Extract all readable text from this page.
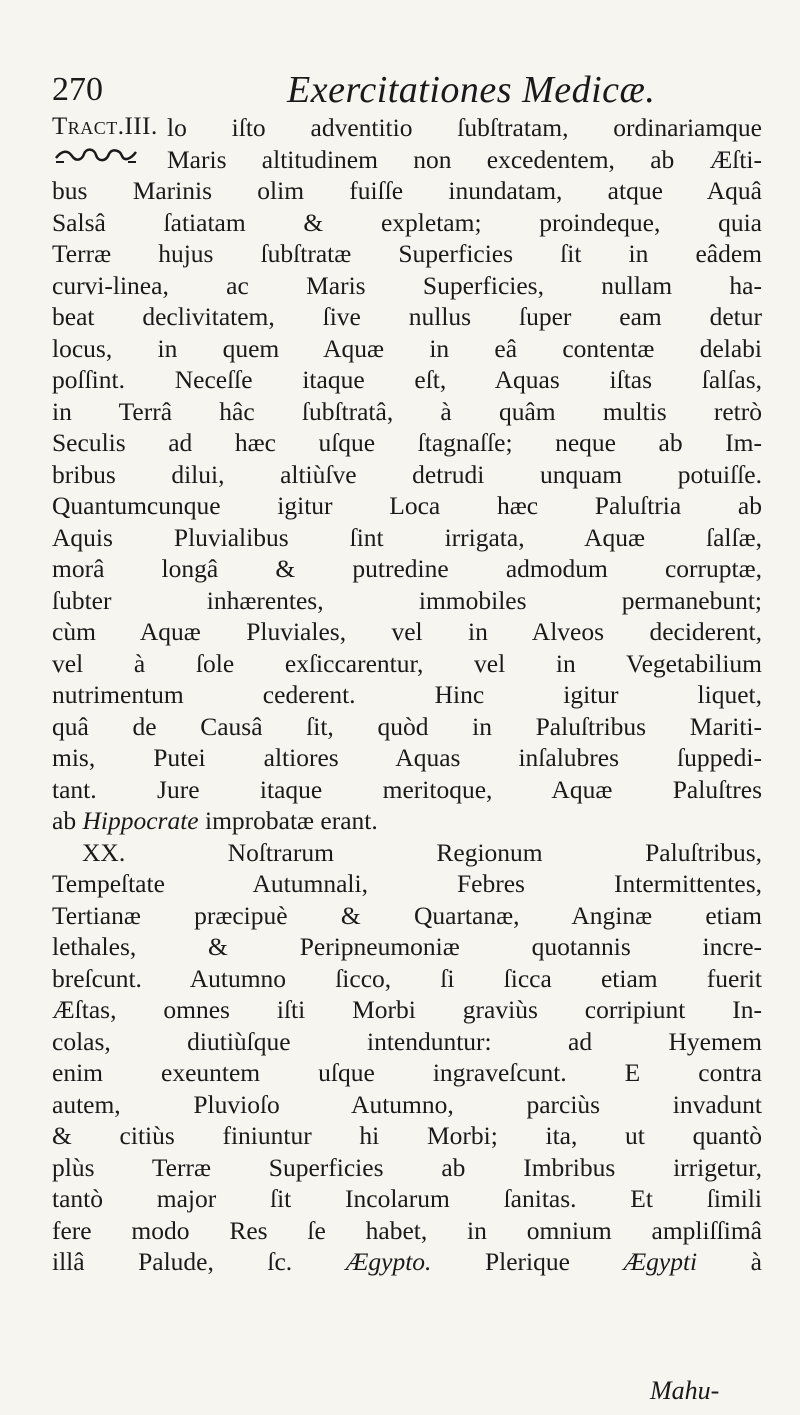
270	Exercitationes Medicæ.
Tract.III. lo iſto adventitio ſubſtratam, ordinariamque
Maris altitudinem non excedentem, ab Æſti-
bus Marinis olim fuiſſe inundatam, atque Aquâ
Salsâ ſatiatam & expletam; proindeque, quia
Terræ hujus ſubſtratæ Superficies ſit in eâdem
curvi-linea, ac Maris Superficies, nullam ha-
beat declivitatem, ſive nullus ſuper eam detur
locus, in quem Aquæ in eâ contentæ delabi
poſſint. Neceſſe itaque eſt, Aquas iſtas ſalſas,
in Terrâ hâc ſubſtratâ, à quâm multis retrò
Seculis ad hæc uſque ſtagnaſſe; neque ab Im-
bribus dilui, altiùſve detrudi unquam potuiſſe.
Quantumcunque igitur Loca hæc Paluſtria ab
Aquis Pluvialibus ſint irrigata, Aquæ ſalſæ,
morâ longâ & putredine admodum corruptæ,
ſubter inhærentes, immobiles permanebunt;
cùm Aquæ Pluviales, vel in Alveos deciderent,
vel à ſole exſiccarentur, vel in Vegetabilium
nutrimentum cederent. Hinc igitur liquet,
quâ de Causâ ſit, quòd in Paluſtribus Mariti-
mis, Putei altiores Aquas inſalubres ſuppedi-
tant. Jure itaque meritoque, Aquæ Paluſtres
ab Hippocrate improbatæ erant.
XX. Noſtrarum Regionum Paluſtribus,
Tempeſtate Autumnali, Febres Intermittentes,
Tertianæ præcipuè & Quartanæ, Anginæ etiam
lethales, & Peripneumoniæ quotannis incre-
breſcunt. Autumno ſicco, ſi ſicca etiam fuerit
Æſtas, omnes iſti Morbi graviùs corripiunt In-
colas, diutiùſque intenduntur: ad Hyemem
enim exeuntem uſque ingraveſcunt. E contra
autem, Pluvioſo Autumno, parciùs invadunt
& citiùs finiuntur hi Morbi; ita, ut quantò
plùs Terræ Superficies ab Imbribus irrigetur,
tantò major ſit Incolarum ſanitas. Et ſimili
fere modo Res ſe habet, in omnium ampliſſimâ
illâ Palude, ſc. Ægypto. Plerique Ægypti à
Mahu-
